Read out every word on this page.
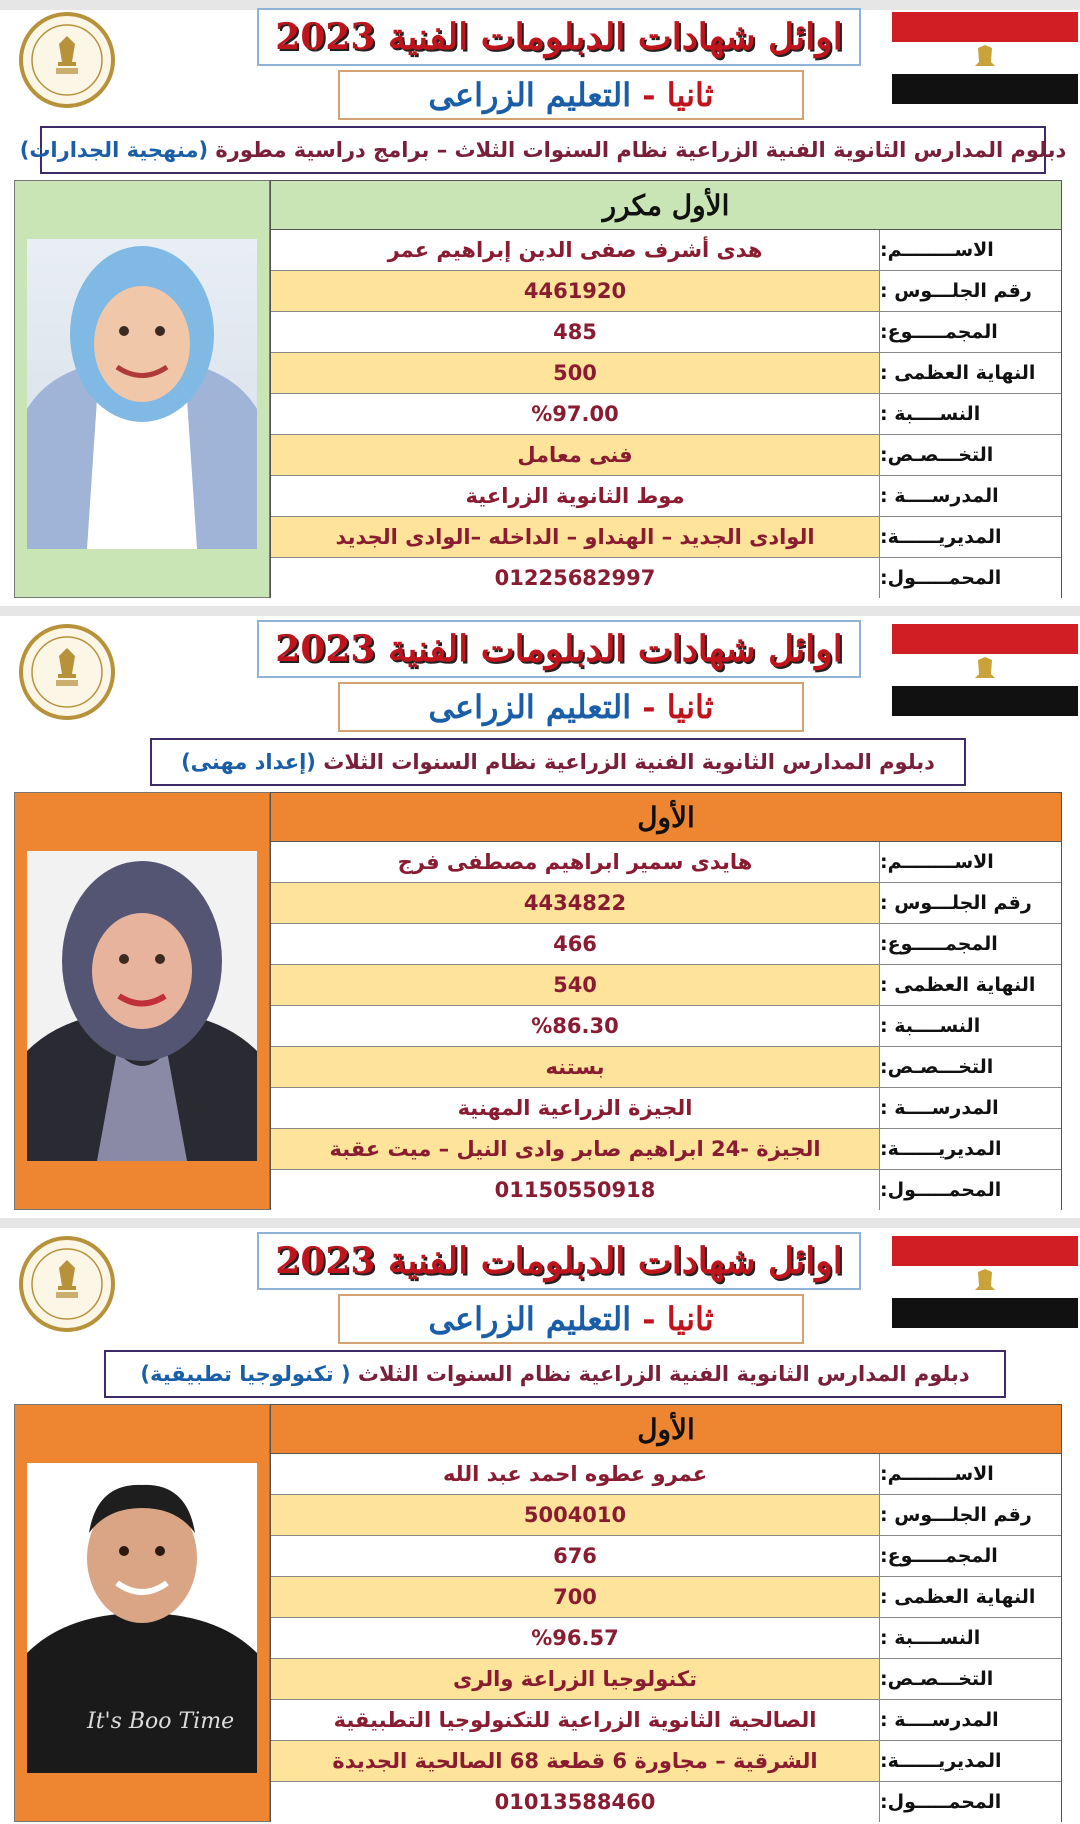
اوائل شهادات الدبلومات الفنية 2023
ثانيا - التعليم الزراعى
دبلوم المدارس الثانوية الفنية الزراعية نظام السنوات الثلاث – برامج دراسية مطورة (منهجية الجدارات)
الأول مكرر
هدى أشرف صفى الدين إبراهيم عمر	الاســــــــم:
4461920	رقم الجلـــوس :
485	المجمـــــوع:
500	النهاية العظمى :
%97.00	النســــبة :
فنى معامل	التخـــصـص:
موط الثانوية الزراعية	المدرســــة :
الوادى الجديد – الهنداو – الداخله –الوادى الجديد	المديريــــــة:
01225682997	المحمـــــول:
اوائل شهادات الدبلومات الفنية 2023
ثانيا - التعليم الزراعى
دبلوم المدارس الثانوية الفنية الزراعية نظام السنوات الثلاث (إعداد مهنى)
الأول
هايدى سمير ابراهيم مصطفى فرج	الاســــــــم:
4434822	رقم الجلـــوس :
466	المجمـــــوع:
540	النهاية العظمى :
%86.30	النســــبة :
بستنه	التخـــصـص:
الجيزة الزراعية المهنية	المدرســــة :
الجيزة -24 ابراهيم صابر وادى النيل – ميت عقبة	المديريــــــة:
01150550918	المحمـــــول:
اوائل شهادات الدبلومات الفنية 2023
ثانيا - التعليم الزراعى
دبلوم المدارس الثانوية الفنية الزراعية نظام السنوات الثلاث ( تكنولوجيا تطبيقية)
It's Boo Time
الأول
عمرو عطوه احمد عبد الله	الاســــــــم:
5004010	رقم الجلـــوس :
676	المجمـــــوع:
700	النهاية العظمى :
%96.57	النســــبة :
تكنولوجيا الزراعة والرى	التخـــصـص:
الصالحية الثانوية الزراعية للتكنولوجيا التطبيقية	المدرســــة :
الشرقية – مجاورة 6 قطعة 68 الصالحية الجديدة	المديريــــــة:
01013588460	المحمـــــول:
